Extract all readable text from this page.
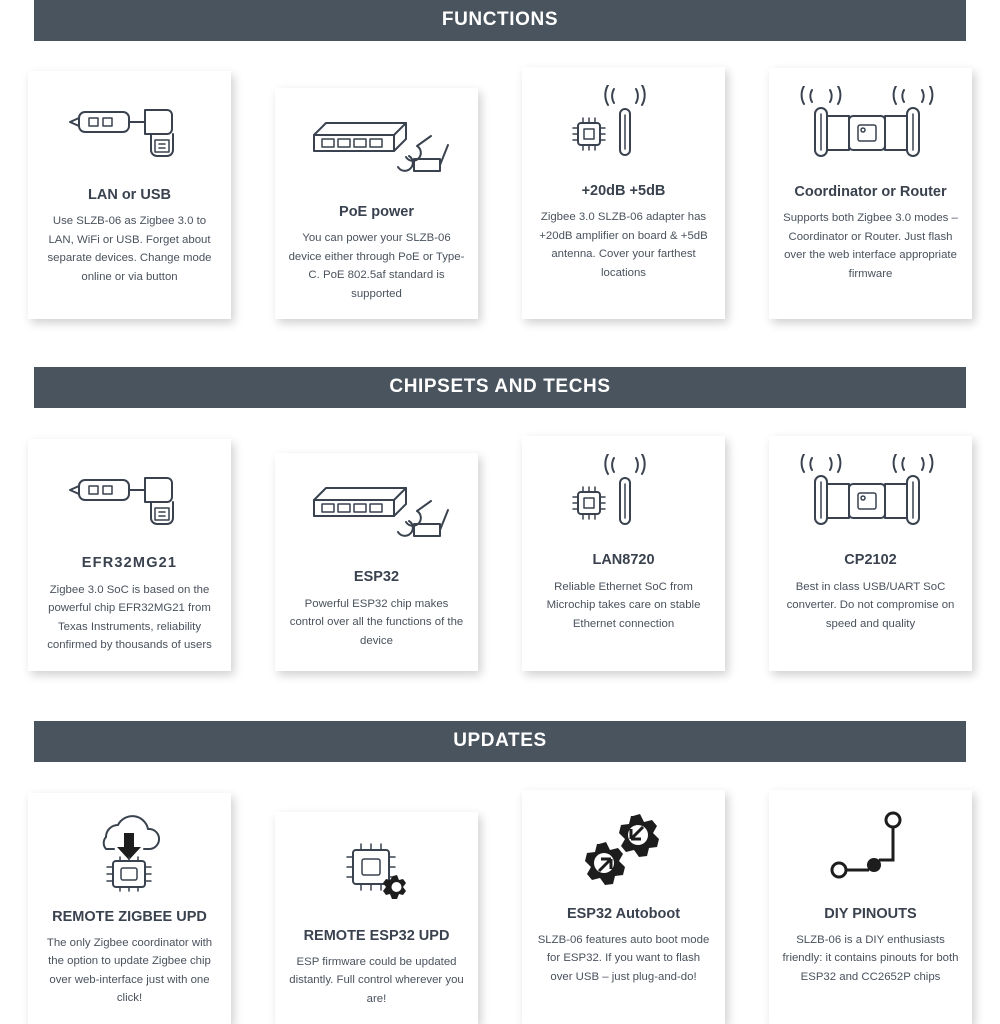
FUNCTIONS
LAN or USB
Use SLZB-06 as Zigbee 3.0 to LAN, WiFi or USB. Forget about separate devices. Change mode online or via button
PoE power
You can power your SLZB-06 device either through PoE or Type-C. PoE 802.5af standard is supported
+20dB +5dB
Zigbee 3.0 SLZB-06 adapter has +20dB amplifier on board & +5dB antenna. Cover your farthest locations
Coordinator or Router
Supports both Zigbee 3.0 modes – Coordinator or Router. Just flash over the web interface appropriate firmware
CHIPSETS AND TECHS
EFR32MG21
Zigbee 3.0 SoC is based on the powerful chip EFR32MG21 from Texas Instruments, reliability confirmed by thousands of users
ESP32
Powerful ESP32 chip makes control over all the functions of the device
LAN8720
Reliable Ethernet SoC from Microchip takes care on stable Ethernet connection
CP2102
Best in class USB/UART SoC converter. Do not compromise on speed and quality
UPDATES
REMOTE ZIGBEE UPD
The only Zigbee coordinator with the option to update Zigbee chip over web-interface just with one click!
REMOTE ESP32 UPD
ESP firmware could be updated distantly. Full control wherever you are!
ESP32 Autoboot
SLZB-06 features auto boot mode for ESP32. If you want to flash over USB – just plug-and-do!
DIY PINOUTS
SLZB-06 is a DIY enthusiasts friendly: it contains pinouts for both ESP32 and CC2652P chips
